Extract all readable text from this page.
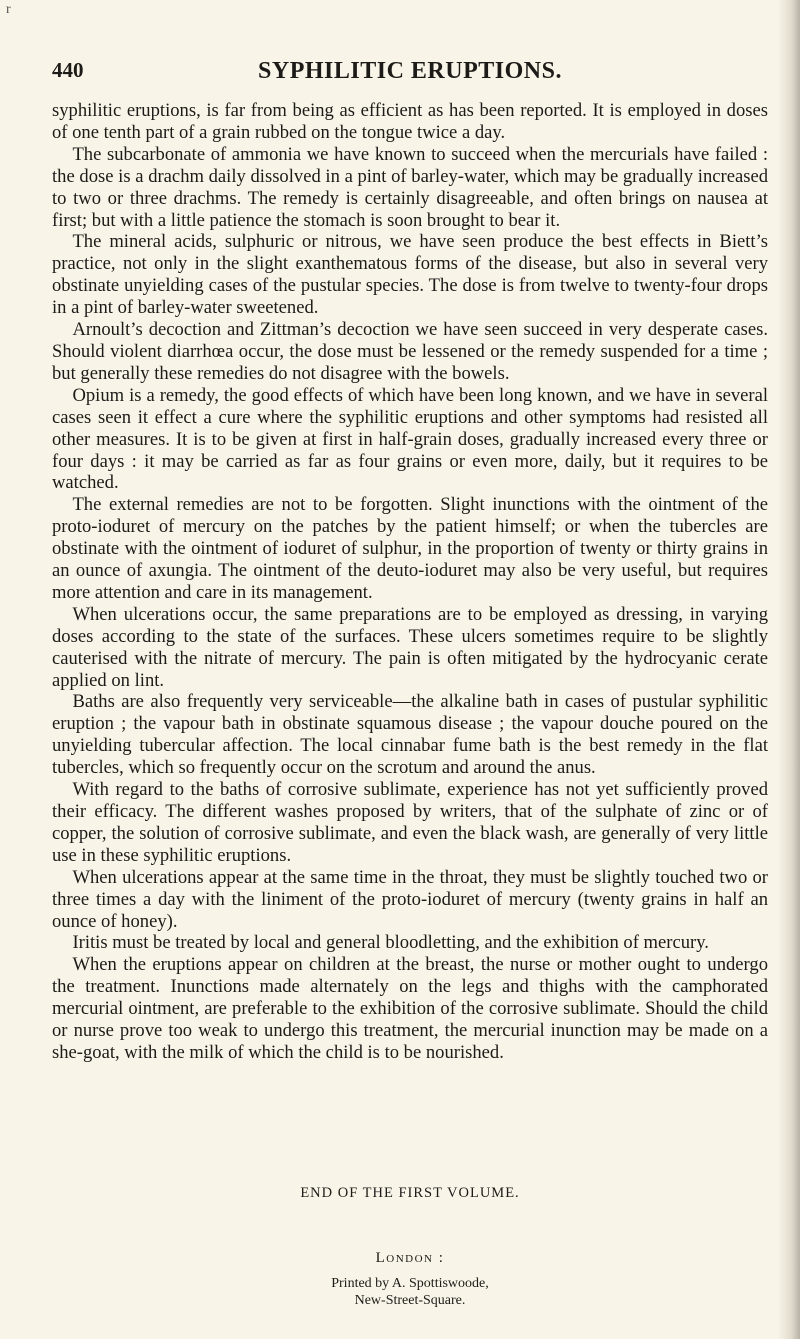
r
440	SYPHILITIC ERUPTIONS.

syphilitic eruptions, is far from being as efficient as has been reported. It is employed in doses of one tenth part of a grain rubbed on the tongue twice a day.

The subcarbonate of ammonia we have known to succeed when the mercurials have failed : the dose is a drachm daily dissolved in a pint of barley-water, which may be gradually increased to two or three drachms. The remedy is certainly disagreeable, and often brings on nausea at first; but with a little patience the stomach is soon brought to bear it.

The mineral acids, sulphuric or nitrous, we have seen produce the best effects in Biett’s practice, not only in the slight exanthematous forms of the disease, but also in several very obstinate unyielding cases of the pustular species. The dose is from twelve to twenty-four drops in a pint of barley-water sweetened.

Arnoult’s decoction and Zittman’s decoction we have seen succeed in very desperate cases. Should violent diarrhœa occur, the dose must be lessened or the remedy suspended for a time ; but generally these remedies do not disagree with the bowels.

Opium is a remedy, the good effects of which have been long known, and we have in several cases seen it effect a cure where the syphilitic eruptions and other symptoms had resisted all other measures. It is to be given at first in half-grain doses, gradually increased every three or four days : it may be carried as far as four grains or even more, daily, but it requires to be watched.

The external remedies are not to be forgotten. Slight inunctions with the ointment of the proto-ioduret of mercury on the patches by the patient himself; or when the tubercles are obstinate with the ointment of ioduret of sulphur, in the proportion of twenty or thirty grains in an ounce of axungia. The ointment of the deuto-ioduret may also be very useful, but requires more attention and care in its management.

When ulcerations occur, the same preparations are to be employed as dressing, in varying doses according to the state of the surfaces. These ulcers sometimes require to be slightly cauterised with the nitrate of mercury. The pain is often mitigated by the hydrocyanic cerate applied on lint.

Baths are also frequently very serviceable—the alkaline bath in cases of pustular syphilitic eruption ; the vapour bath in obstinate squamous disease ; the vapour douche poured on the unyielding tubercular affection. The local cinnabar fume bath is the best remedy in the flat tubercles, which so frequently occur on the scrotum and around the anus.

With regard to the baths of corrosive sublimate, experience has not yet sufficiently proved their efficacy. The different washes proposed by writers, that of the sulphate of zinc or of copper, the solution of corrosive sublimate, and even the black wash, are generally of very little use in these syphilitic eruptions.

When ulcerations appear at the same time in the throat, they must be slightly touched two or three times a day with the liniment of the proto-ioduret of mercury (twenty grains in half an ounce of honey).

Iritis must be treated by local and general bloodletting, and the exhibition of mercury.

When the eruptions appear on children at the breast, the nurse or mother ought to undergo the treatment. Inunctions made alternately on the legs and thighs with the camphorated mercurial ointment, are preferable to the exhibition of the corrosive sublimate. Should the child or nurse prove too weak to undergo this treatment, the mercurial inunction may be made on a she-goat, with the milk of which the child is to be nourished.

END OF THE FIRST VOLUME.
London :
Printed by A. Spottiswoode,
New-Street-Square.
